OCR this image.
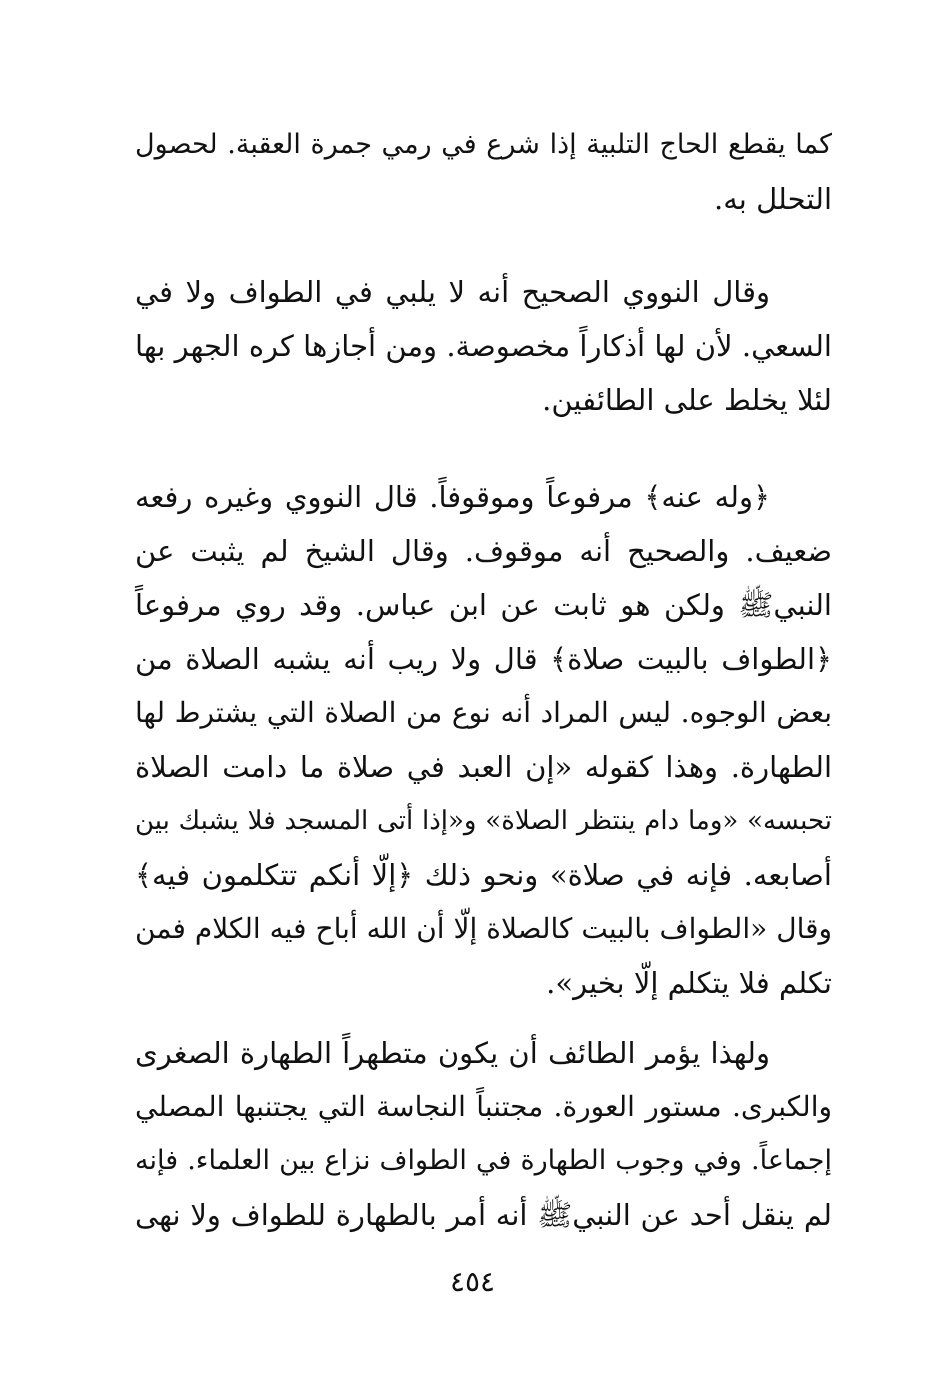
كما يقطع الحاج التلبية إذا شرع في رمي جمرة العقبة. لحصول
التحلل به.
وقال النووي الصحيح أنه لا يلبي في الطواف ولا في
السعي. لأن لها أذكاراً مخصوصة. ومن أجازها كره الجهر بها
لئلا يخلط على الطائفين.
﴿وله عنه﴾ مرفوعاً وموقوفاً. قال النووي وغيره رفعه
ضعيف. والصحيح أنه موقوف. وقال الشيخ لم يثبت عن
النبيﷺ ولكن هو ثابت عن ابن عباس. وقد روي مرفوعاً
﴿الطواف بالبيت صلاة﴾ قال ولا ريب أنه يشبه الصلاة من
بعض الوجوه. ليس المراد أنه نوع من الصلاة التي يشترط لها
الطهارة. وهذا كقوله «إن العبد في صلاة ما دامت الصلاة
تحبسه» «وما دام ينتظر الصلاة» و«إذا أتى المسجد فلا يشبك بين
أصابعه. فإنه في صلاة» ونحو ذلك ﴿إلّا أنكم تتكلمون فيه﴾
وقال «الطواف بالبيت كالصلاة إلّا أن الله أباح فيه الكلام فمن
تكلم فلا يتكلم إلّا بخير».
ولهذا يؤمر الطائف أن يكون متطهراً الطهارة الصغرى
والكبرى. مستور العورة. مجتنباً النجاسة التي يجتنبها المصلي
إجماعاً. وفي وجوب الطهارة في الطواف نزاع بين العلماء. فإنه
لم ينقل أحد عن النبيﷺ أنه أمر بالطهارة للطواف ولا نهى
٤٥٤
